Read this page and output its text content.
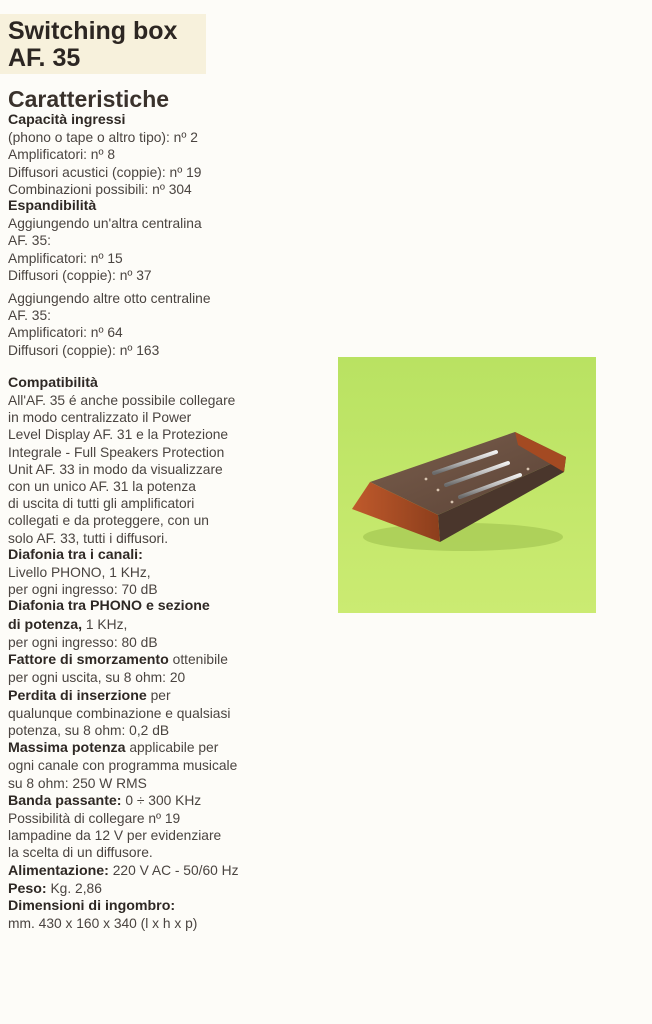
Switching box
AF. 35
Caratteristiche
Capacità ingressi
(phono o tape o altro tipo): nº 2
Amplificatori: nº 8
Diffusori acustici (coppie): nº 19
Combinazioni possibili: nº 304
Espandibilità
Aggiungendo un'altra centralina
AF. 35:
Amplificatori: nº 15
Diffusori (coppie): nº 37
Aggiungendo altre otto centraline
AF. 35:
Amplificatori: nº 64
Diffusori (coppie): nº 163
Compatibilità
All'AF. 35 é anche possibile collegare
in modo centralizzato il Power
Level Display AF. 31 e la Protezione
Integrale - Full Speakers Protection
Unit AF. 33 in modo da visualizzare
con un unico AF. 31 la potenza
di uscita di tutti gli amplificatori
collegati e da proteggere, con un
solo AF. 33, tutti i diffusori.
Diafonia tra i canali:
Livello PHONO, 1 KHz,
per ogni ingresso: 70 dB
Diafonia tra PHONO e sezione
di potenza, 1 KHz,
per ogni ingresso: 80 dB
Fattore di smorzamento ottenibile
per ogni uscita, su 8 ohm: 20
Perdita di inserzione per
qualunque combinazione e qualsiasi
potenza, su 8 ohm: 0,2 dB
Massima potenza applicabile per
ogni canale con programma musicale
su 8 ohm: 250 W RMS
Banda passante: 0 ÷ 300 KHz
Possibilità di collegare nº 19
lampadine da 12 V per evidenziare
la scelta di un diffusore.
Alimentazione: 220 V AC - 50/60 Hz
Peso: Kg. 2,86
Dimensioni di ingombro:
mm. 430 x 160 x 340 (l x h x p)
